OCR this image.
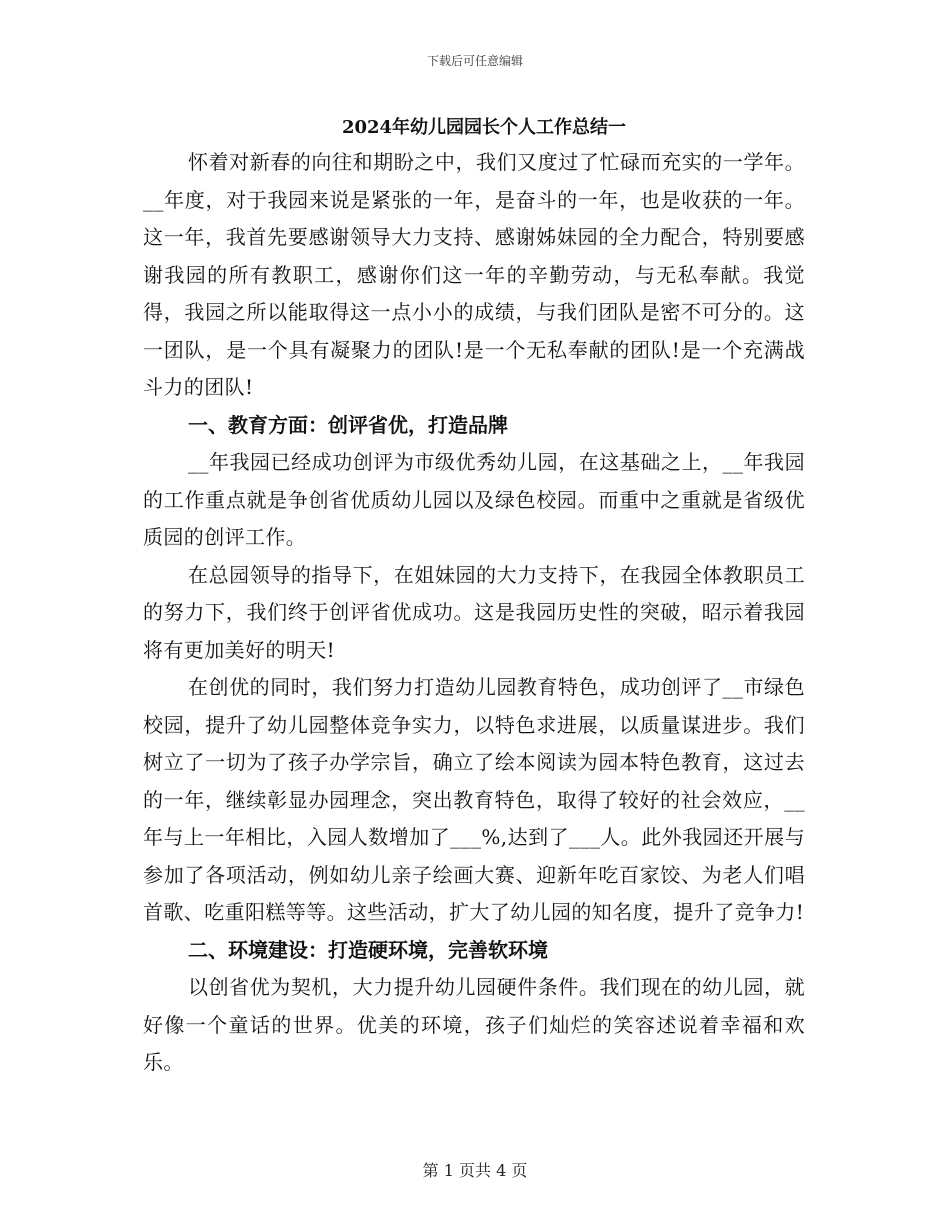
下载后可任意编辑
2024年幼儿园园长个人工作总结一

怀着对新春的向往和期盼之中，我们又度过了忙碌而充实的一学年。__年度，对于我园来说是紧张的一年，是奋斗的一年，也是收获的一年。这一年，我首先要感谢领导大力支持、感谢姊妹园的全力配合，特别要感谢我园的所有教职工，感谢你们这一年的辛勤劳动，与无私奉献。我觉得，我园之所以能取得这一点小小的成绩，与我们团队是密不可分的。这一团队，是一个具有凝聚力的团队!是一个无私奉献的团队!是一个充满战斗力的团队!

一、教育方面：创评省优，打造品牌

__年我园已经成功创评为市级优秀幼儿园，在这基础之上，__年我园的工作重点就是争创省优质幼儿园以及绿色校园。而重中之重就是省级优质园的创评工作。

在总园领导的指导下，在姐妹园的大力支持下，在我园全体教职员工的努力下，我们终于创评省优成功。这是我园历史性的突破，昭示着我园将有更加美好的明天!

在创优的同时，我们努力打造幼儿园教育特色，成功创评了__市绿色校园，提升了幼儿园整体竞争实力，以特色求进展，以质量谋进步。我们树立了一切为了孩子办学宗旨，确立了绘本阅读为园本特色教育，这过去的一年，继续彰显办园理念，突出教育特色，取得了较好的社会效应，__年与上一年相比，入园人数增加了___%,达到了___人。此外我园还开展与参加了各项活动，例如幼儿亲子绘画大赛、迎新年吃百家饺、为老人们唱首歌、吃重阳糕等等。这些活动，扩大了幼儿园的知名度，提升了竞争力!

二、环境建设：打造硬环境，完善软环境

以创省优为契机，大力提升幼儿园硬件条件。我们现在的幼儿园，就好像一个童话的世界。优美的环境，孩子们灿烂的笑容述说着幸福和欢乐。

第 1 页共 4 页
